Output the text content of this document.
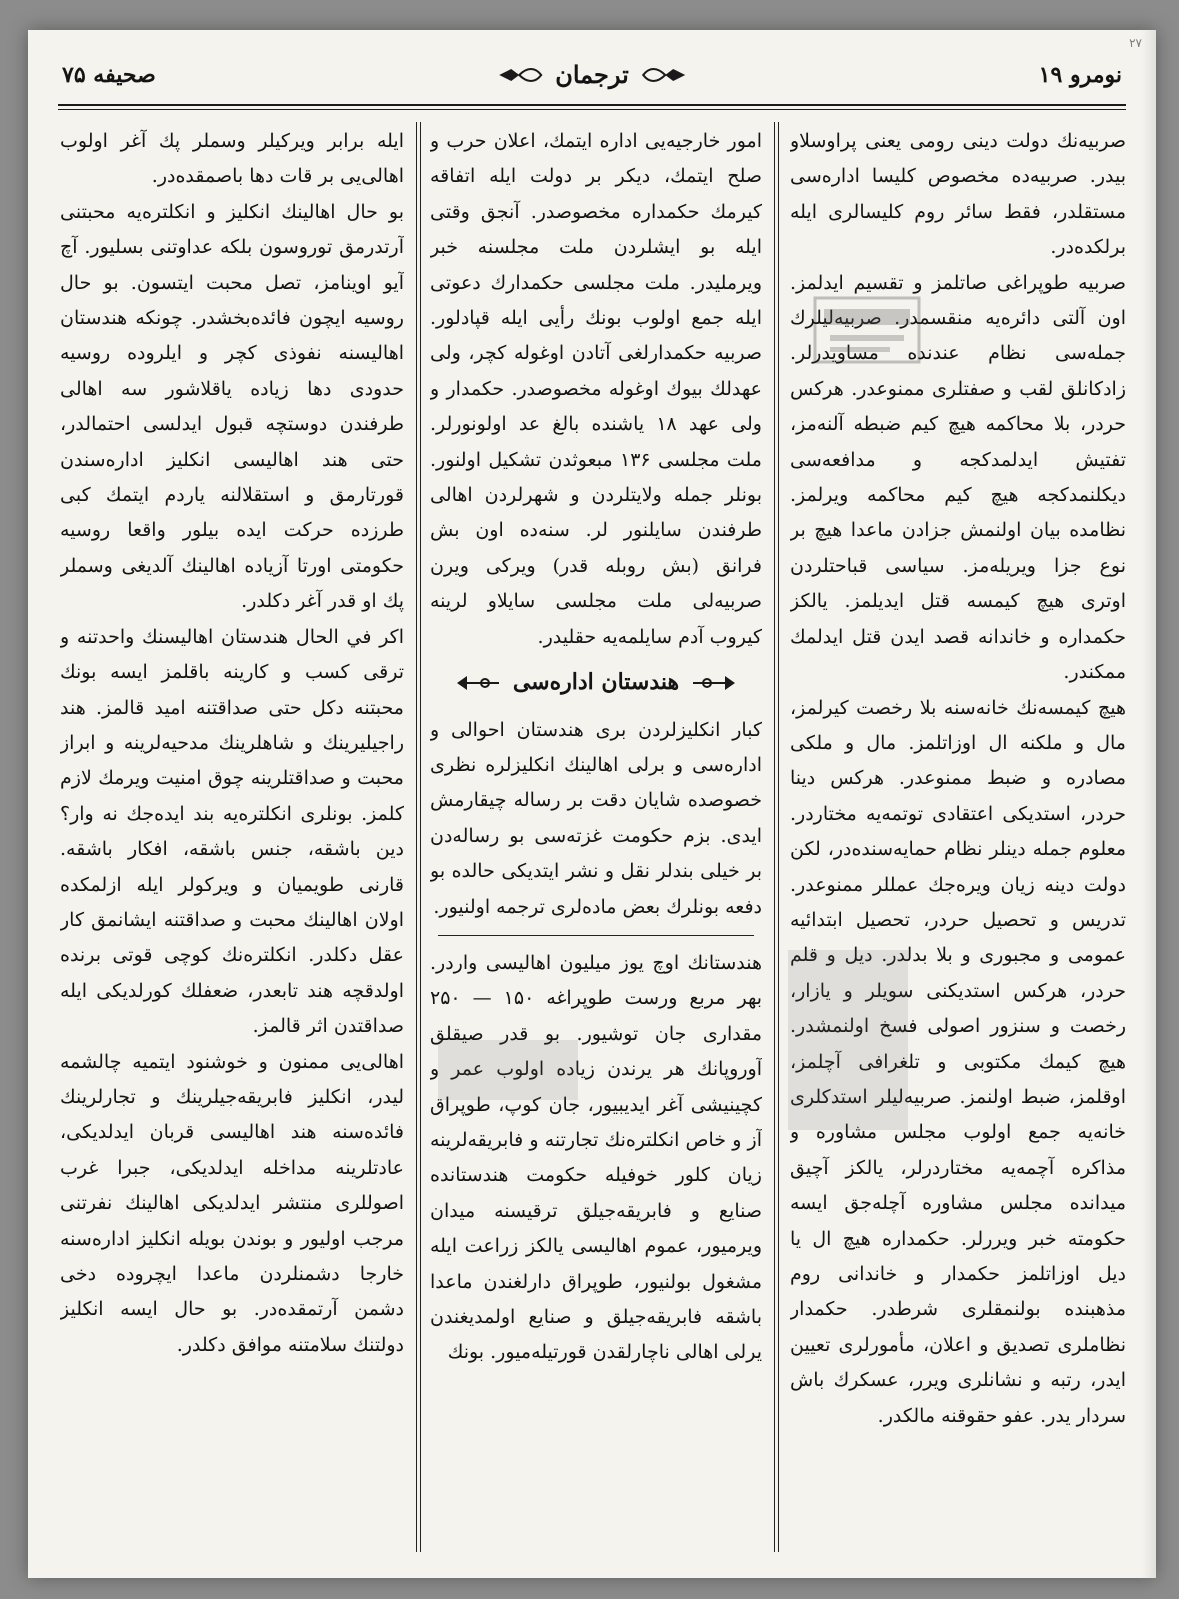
۲۷
نومرو ۱۹
ترجمان
صحيفه ۷۵

صربيه‌نك دولت دينى رومى يعنى پراوسلاو بيدر. صربيه‌ده مخصوص كليسا اداره‌سى مستقلدر، فقط سائر روم كليسالرى ايله برلكده‌در.

صربيه طوپراغى صاتلمز و تقسيم ايدلمز. اون آلتى دائره‌يه منقسمدر. صربيه‌ليلرك جمله‌سى نظام عندنده مساويدرلر. زادكانلق لقب و صفتلرى ممنوعدر. هركس حردر، بلا محاكمه هيچ كيم ضبطه آلنه‌مز، تفتيش ايدلمدكجه و مدافعه‌سى ديكلنمدكجه هيچ كيم محاكمه ويرلمز. نظامده بيان اولنمش جزادن ماعدا هيچ بر نوع جزا ويريله‌مز. سياسى قباحتلردن اوترى هيچ كيمسه قتل ايديلمز. يالكز حكمداره و خاندانه قصد ايدن قتل ايدلمك ممكندر.

هيچ كيمسه‌نك خانه‌سنه بلا رخصت كيرلمز، مال و ملكنه ال اوزاتلمز. مال و ملكى مصادره و ضبط ممنوعدر. هركس دينا حردر، استديكى اعتقادى توتمه‌يه مختاردر. معلوم جمله دينلر نظام حمايه‌سنده‌در، لكن دولت دينه زيان ويره‌جك عمللر ممنوعدر. تدريس و تحصيل حردر، تحصيل ابتدائيه عمومى و مجبورى و بلا بدلدر. ديل و قلم حردر، هركس استديكنى سويلر و يازار، رخصت و سنزور اصولى فسخ اولنمشدر. هيچ كيمك مكتوبى و تلغرافى آچلمز، اوقلمز، ضبط اولنمز. صربيه‌ليلر استدكلرى خانه‌يه جمع اولوب مجلس مشاوره و مذاكره آچمه‌يه مختاردرلر، يالكز آچيق ميدانده مجلس مشاوره آچله‌جق ايسه حكومته خبر ويررلر. حكمداره هيچ ال يا ديل اوزاتلمز حكمدار و خاندانى روم مذهبنده بولنمقلرى شرطدر. حكمدار نظاملرى تصديق و اعلان، مأمورلرى تعيين ايدر، رتبه و نشانلرى ويرر، عسكرك باش سردار يدر. عفو حقوقنه مالكدر.

امور خارجيه‌يى اداره ايتمك، اعلان حرب و صلح ايتمك، ديكر بر دولت ايله اتفاقه كيرمك حكمداره مخصوصدر. آنجق وقتى ايله بو ايشلردن ملت مجلسنه خبر ويرمليدر. ملت مجلسى حكمدارك دعوتى ايله جمع اولوب بونك رأيى ايله قپادلور. صربيه حكمدارلغى آتادن اوغوله كچر، ولى عهدلك بيوك اوغوله مخصوصدر. حكمدار و ولى عهد ۱۸ ياشنده بالغ عد اولونورلر. ملت مجلسى ۱۳۶ مبعوثدن تشكيل اولنور. بونلر جمله ولايتلردن و شهرلردن اهالى طرفندن سايلنور لر. سنه‌ده اون بش فرانق (بش روبله قدر) ويركى ويرن صربيه‌لى ملت مجلسى سايلاو لرينه كيروب آدم سايلمه‌يه حقليدر.

هندستان اداره‌سى

كبار انكليزلردن برى هندستان احوالى و اداره‌سى و برلى اهالينك انكليزلره نظرى خصوصده شايان دقت بر رساله چيقارمش ايدى. بزم حكومت غزته‌سى بو رساله‌دن بر خيلى بندلر نقل و نشر ايتديكى حالده بو دفعه بونلرك بعض ماده‌لرى ترجمه اولنيور.

هندستانك اوچ يوز ميليون اهاليسى واردر. بهر مربع ورست طوپراغه ۱۵۰ — ۲۵۰ مقدارى جان توشيور. بو قدر صيقلق آوروپانك هر يرندن زياده اولوب عمر و كچينيشى آغر ايديبيور، جان كوپ، طوپراق آز و خاص انكلتره‌نك تجارتنه و فابريقه‌لرينه زيان كلور خوفيله حكومت هندستانده صنايع و فابريقه‌جيلق ترقيسنه ميدان ويرميور، عموم اهاليسى يالكز زراعت ايله مشغول بولنيور، طوپراق دارلغندن ماعدا باشقه فابريقه‌جيلق و صنايع اولمديغندن يرلى اهالى ناچارلقدن قورتيله‌ميور. بونك

ايله برابر ويركيلر وسملر پك آغر اولوب اهالى‌يى بر قات دها باصمقده‌در.

بو حال اهالينك انكليز و انكلتره‌يه محبتنى آرتدرمق توروسون بلكه عداوتنى بسليور. آچ آيو اوينامز، تصل محبت ايتسون. بو حال روسيه ايچون فائده‌بخشدر. چونكه هندستان اهاليسنه نفوذى كچر و ايلروده روسيه حدودى دها زياده ياقلاشور سه اهالى طرفندن دوستچه قبول ايدلسى احتمالدر، حتى هند اهاليسى انكليز اداره‌سندن قورتارمق و استقلالنه ياردم ايتمك كبى طرزده حركت ايده بيلور واقعا روسيه حكومتى اورتا آزياده اهالينك آلديغى وسملر پك او قدر آغر دكلدر.

اكر في الحال هندستان اهاليسنك واحدتنه و ترقى كسب و كارينه باقلمز ايسه بونك محبتنه دكل حتى صداقتنه اميد قالمز. هند راجيليرينك و شاهلرينك مدحيه‌لرينه و ابراز محبت و صداقتلرينه چوق امنيت ويرمك لازم كلمز. بونلرى انكلتره‌يه بند ايده‌جك نه وار؟ دين باشقه، جنس باشقه، افكار باشقه. قارنى طويميان و ويركولر ايله ازلمكده اولان اهالينك محبت و صداقتنه ايشانمق كار عقل دكلدر. انكلتره‌نك كوچى قوتى برنده اولدقچه هند تابعدر، ضعفلك كورلديكى ايله صداقتدن اثر قالمز.

اهالى‌يى ممنون و خوشنود ايتميه چالشمه ليدر، انكليز فابريقه‌جيلرينك و تجارلرينك فائده‌سنه هند اهاليسى قربان ايدلديكى، عادتلرينه مداخله ايدلديكى، جبرا غرب اصوللرى منتشر ايدلديكى اهالينك نفرتنى مرجب اوليور و بوندن بويله انكليز اداره‌سنه خارجا دشمنلردن ماعدا ايچروده دخى دشمن آرتمقده‌در. بو حال ايسه انكليز دولتنك سلامتنه موافق دكلدر.
